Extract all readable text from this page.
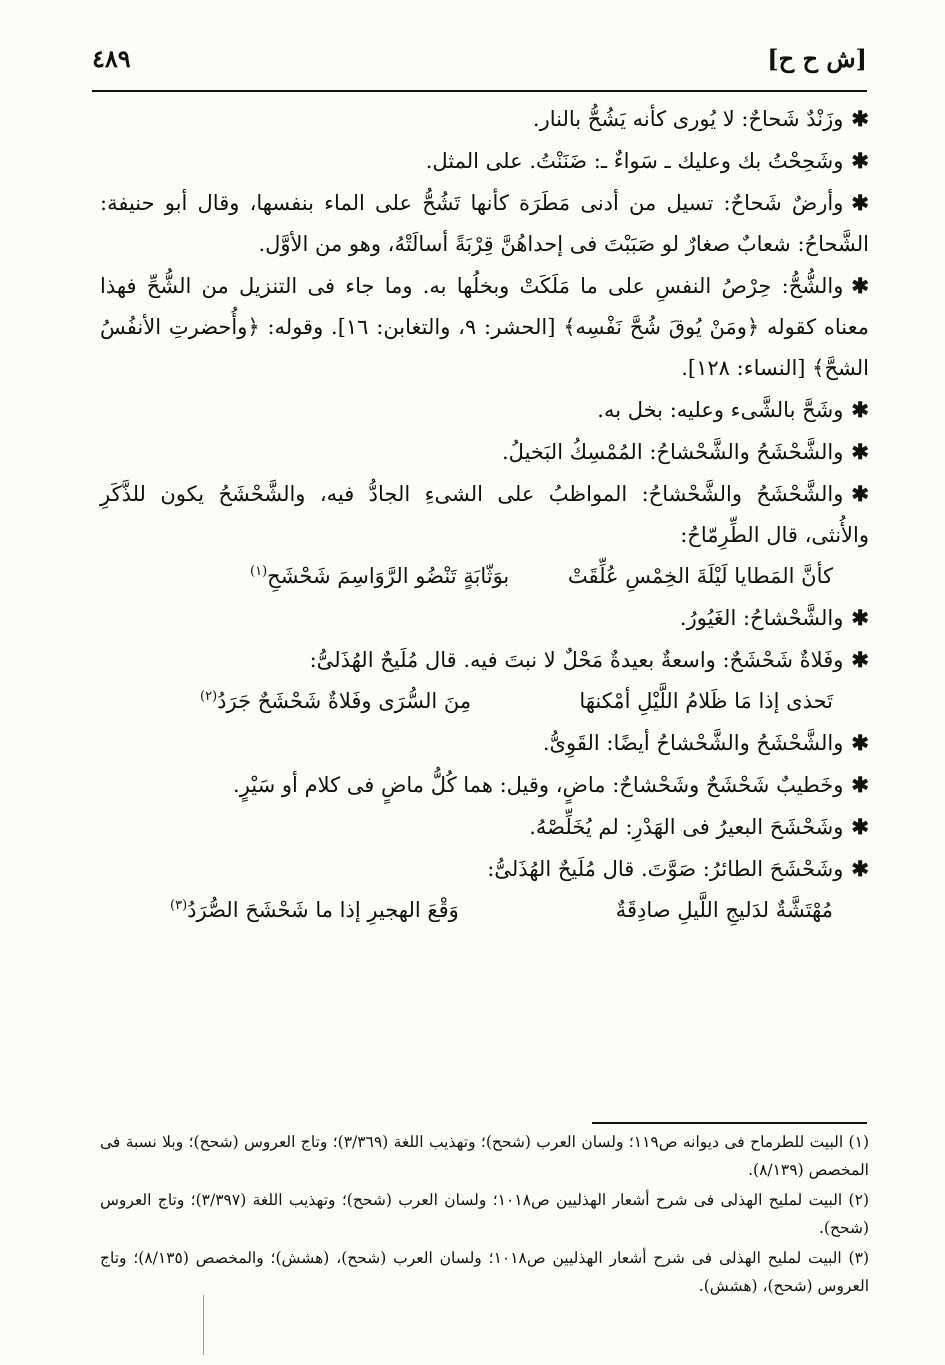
[ش ح ح]
٤٨٩

✱وزَنْدٌ شَحاحٌ: لا يُورى كأنه يَشُحُّ بالنار.

✱وشَحِحْتُ بك وعليك ـ سَواءٌ ـ: ضَنَنْتُ. على المثل.

✱وأرضٌ شَحاحٌ: تسيل من أدنى مَطَرَة كأنها تَشُحُّ على الماء بنفسها، وقال أبو حنيفة: الشَّحاحُ: شعابٌ صغارٌ لو صَبَبْتَ فى إحداهُنَّ قِرْبَةً أسالَتْهُ، وهو من الأوَّل.

✱والشُّحُّ: حِرْصُ النفسِ على ما مَلَكَتْ وبخلُها به. وما جاء فى التنزيل من الشُّحِّ فهذا معناه كقوله ﴿ومَنْ يُوقَ شُحَّ نَفْسِه﴾ [الحشر: ٩، والتغابن: ١٦]. وقوله: ﴿وأُحضرتِ الأنفُسُ الشحَّ﴾ [النساء: ١٢٨].

✱وشَحَّ بالشَّىء وعليه: بخل به.

✱والشَّحْشَحُ والشَّحْشاحُ: المُمْسِكُ البَخيلُ.

✱والشَّحْشَحُ والشَّحْشاحُ: المواظبُ على الشىءِ الجادُّ فيه، والشَّحْشَحُ يكون للذَّكَرِ والأُنثى، قال الطِّرِمّاحُ:

كأنَّ المَطايا لَيْلَةَ الخِمْسِ عُلِّقَتْ
بوَثّابَةٍ تَنْضُو الرَّوَاسِمَ شَحْشَحِ$^{(١)}$

✱والشَّحْشاحُ: الغَيُورُ.

✱وفَلاةٌ شَحْشَحٌ: واسعةٌ بعيدةٌ مَحْلٌ لا نبتَ فيه. قال مُلَيحٌ الهُذَلىُّ:

تَحذى إذا مَا ظَلامُ اللَّيْلِ أمْكنهَا
مِنَ السُّرَى وفَلاةٌ شَحْشَحٌ جَرَدُ$^{(٢)}$

✱والشَّحْشَحُ والشَّحْشاحُ أيضًا: القَوِىُّ.

✱وخَطيبٌ شَحْشَحٌ وشَحْشاحٌ: ماضٍ، وقيل: هما كُلُّ ماضٍ فى كلام أو سَيْرٍ.

✱وشَحْشَحَ البعيرُ فى الهَدْرِ: لم يُخَلِّصْهُ.

✱وشَحْشَحَ الطائرُ: صَوَّتَ. قال مُلَيحٌ الهُذَلىُّ:

مُهْتَشَّةٌ لدَليجِ اللَّيلِ صادِقَةٌ
وَقْعَ الهجيرِ إذا ما شَحْشَحَ الصُّرَدُ$^{(٣)}$

(١) البيت للطرماح فى ديوانه ص١١٩؛ ولسان العرب (شحح)؛ وتهذيب اللغة (٣/٣٦٩)؛ وتاج العروس (شحح)؛ وبلا نسبة فى المخصص (٨/١٣٩).

(٢) البيت لمليح الهذلى فى شرح أشعار الهذليين ص١٠١٨؛ ولسان العرب (شحح)؛ وتهذيب اللغة (٣/٣٩٧)؛ وتاج العروس (شحح).

(٣) البيت لمليح الهذلى فى شرح أشعار الهذليين ص١٠١٨؛ ولسان العرب (شحح)، (هشش)؛ والمخصص (٨/١٣٥)؛ وتاج العروس (شحح)، (هشش).
